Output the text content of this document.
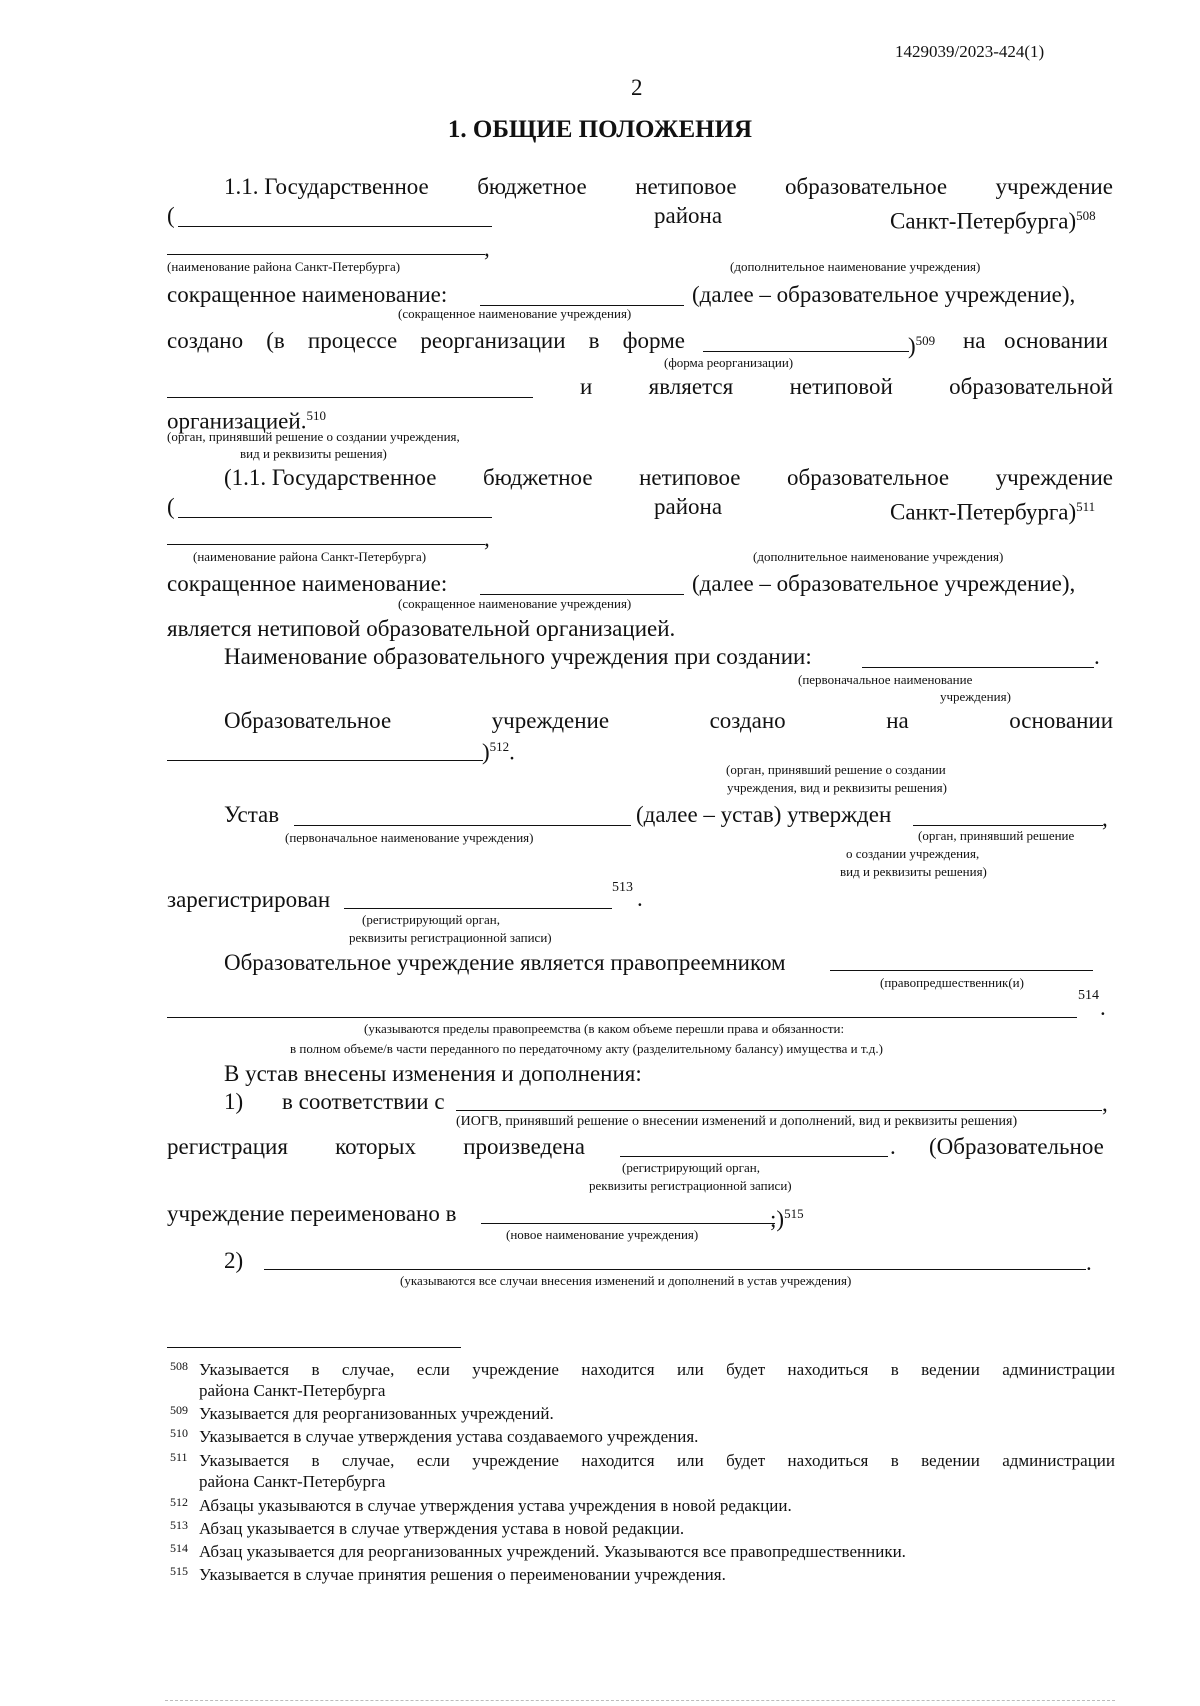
1429039/2023-424(1)
2
1. ОБЩИЕ ПОЛОЖЕНИЯ
1.1. Государственное бюджетное нетиповое образовательное учреждение
(	района	Санкт-Петербурга)$^{508}$
,
(наименование района Санкт-Петербурга)	(дополнительное наименование учреждения)
сокращенное наименование:	(далее – образовательное учреждение),
(сокращенное наименование учреждения)
создано (в процессе реорганизации в форме	)$^{509}$ на основании
(форма реорганизации)
и является нетиповой образовательной
организацией.$^{510}$
(орган, принявший решение о создании учреждения,
вид и реквизиты решения)
(1.1. Государственное бюджетное нетиповое образовательное учреждение
(	района	Санкт-Петербурга)$^{511}$
,
(наименование района Санкт-Петербурга)	(дополнительное наименование учреждения)
сокращенное наименование:	(далее – образовательное учреждение),
(сокращенное наименование учреждения)
является нетиповой образовательной организацией.
Наименование образовательного учреждения при создании:	.
(первоначальное наименование
учреждения)
Образовательное	учреждение	создано	на	основании
)$^{512}$.
(орган, принявший решение о создании
учреждения, вид и реквизиты решения)
Устав	(далее – устав) утвержден	,
(первоначальное наименование учреждения)	(орган, принявший решение
о создании учреждения,
вид и реквизиты решения)
зарегистрирован	513 .
(регистрирующий орган,
реквизиты регистрационной записи)
Образовательное учреждение является правопреемником
(правопредшественник(и)
514 .
(указываются пределы правопреемства (в каком объеме перешли права и обязанности:
в полном объеме/в части переданного по передаточному акту (разделительному балансу) имущества и т.д.)
В устав внесены изменения и дополнения:
1) в соответствии с	,
(ИОГВ, принявший решение о внесении изменений и дополнений, вид и реквизиты решения)
регистрация которых произведена	. (Образовательное
(регистрирующий орган,
реквизиты регистрационной записи)
учреждение переименовано в	;)$^{515}$
(новое наименование учреждения)
2)	.
(указываются все случаи внесения изменений и дополнений в устав учреждения)
508 Указывается в случае, если учреждение находится или будет находиться в ведении администрации
района Санкт-Петербурга
509 Указывается для реорганизованных учреждений.
510 Указывается в случае утверждения устава создаваемого учреждения.
511 Указывается в случае, если учреждение находится или будет находиться в ведении администрации
района Санкт-Петербурга
512 Абзацы указываются в случае утверждения устава учреждения в новой редакции.
513 Абзац указывается в случае утверждения устава в новой редакции.
514 Абзац указывается для реорганизованных учреждений. Указываются все правопредшественники.
515 Указывается в случае принятия решения о переименовании учреждения.
